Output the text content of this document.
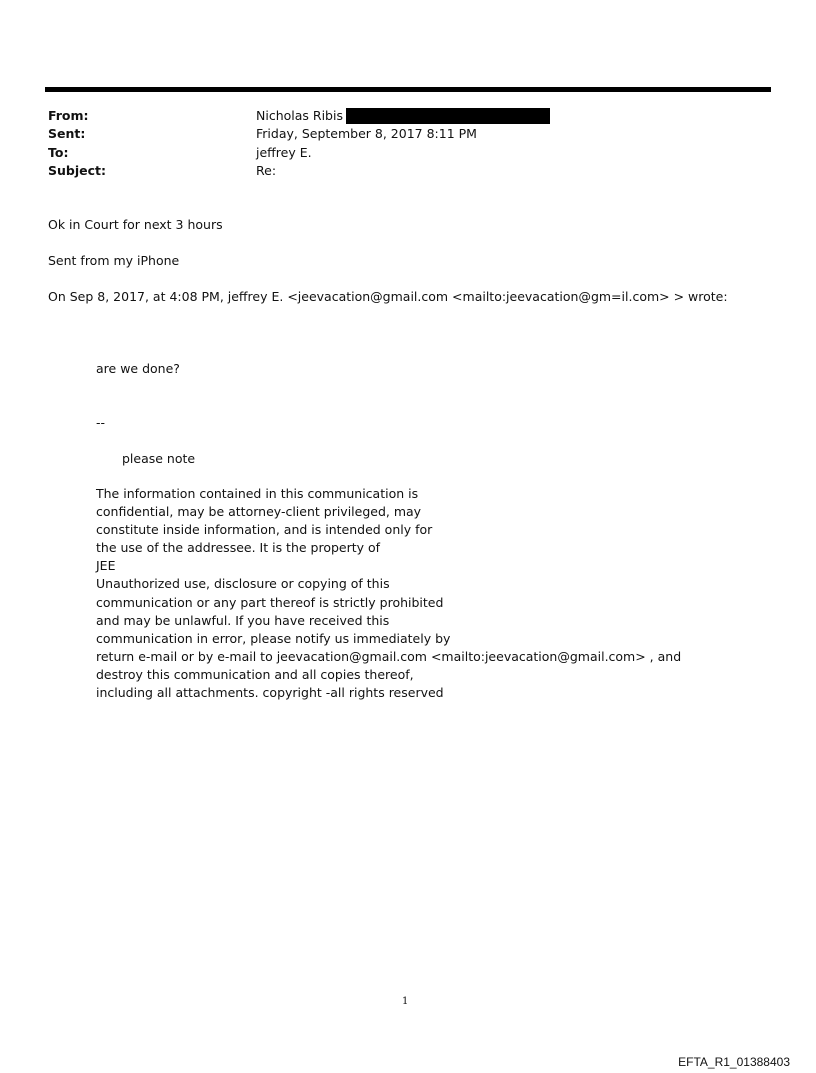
From:	Nicholas Ribis
Sent:	Friday, September 8, 2017 8:11 PM
To:	jeffrey E.
Subject:	Re:
Ok in Court for next 3 hours
Sent from my iPhone
On Sep 8, 2017, at 4:08 PM, jeffrey E. <jeevacation@gmail.com <mailto:jeevacation@gm=il.com> > wrote:
are we done?
--
please note
The information contained in this communication is
confidential, may be attorney-client privileged, may
constitute inside information, and is intended only for
the use of the addressee. It is the property of
JEE
Unauthorized use, disclosure or copying of this
communication or any part thereof is strictly prohibited
and may be unlawful. If you have received this
communication in error, please notify us immediately by
return e-mail or by e-mail to jeevacation@gmail.com <mailto:jeevacation@gmail.com> , and
destroy this communication and all copies thereof,
including all attachments. copyright -all rights reserved
1
EFTA_R1_01388403
